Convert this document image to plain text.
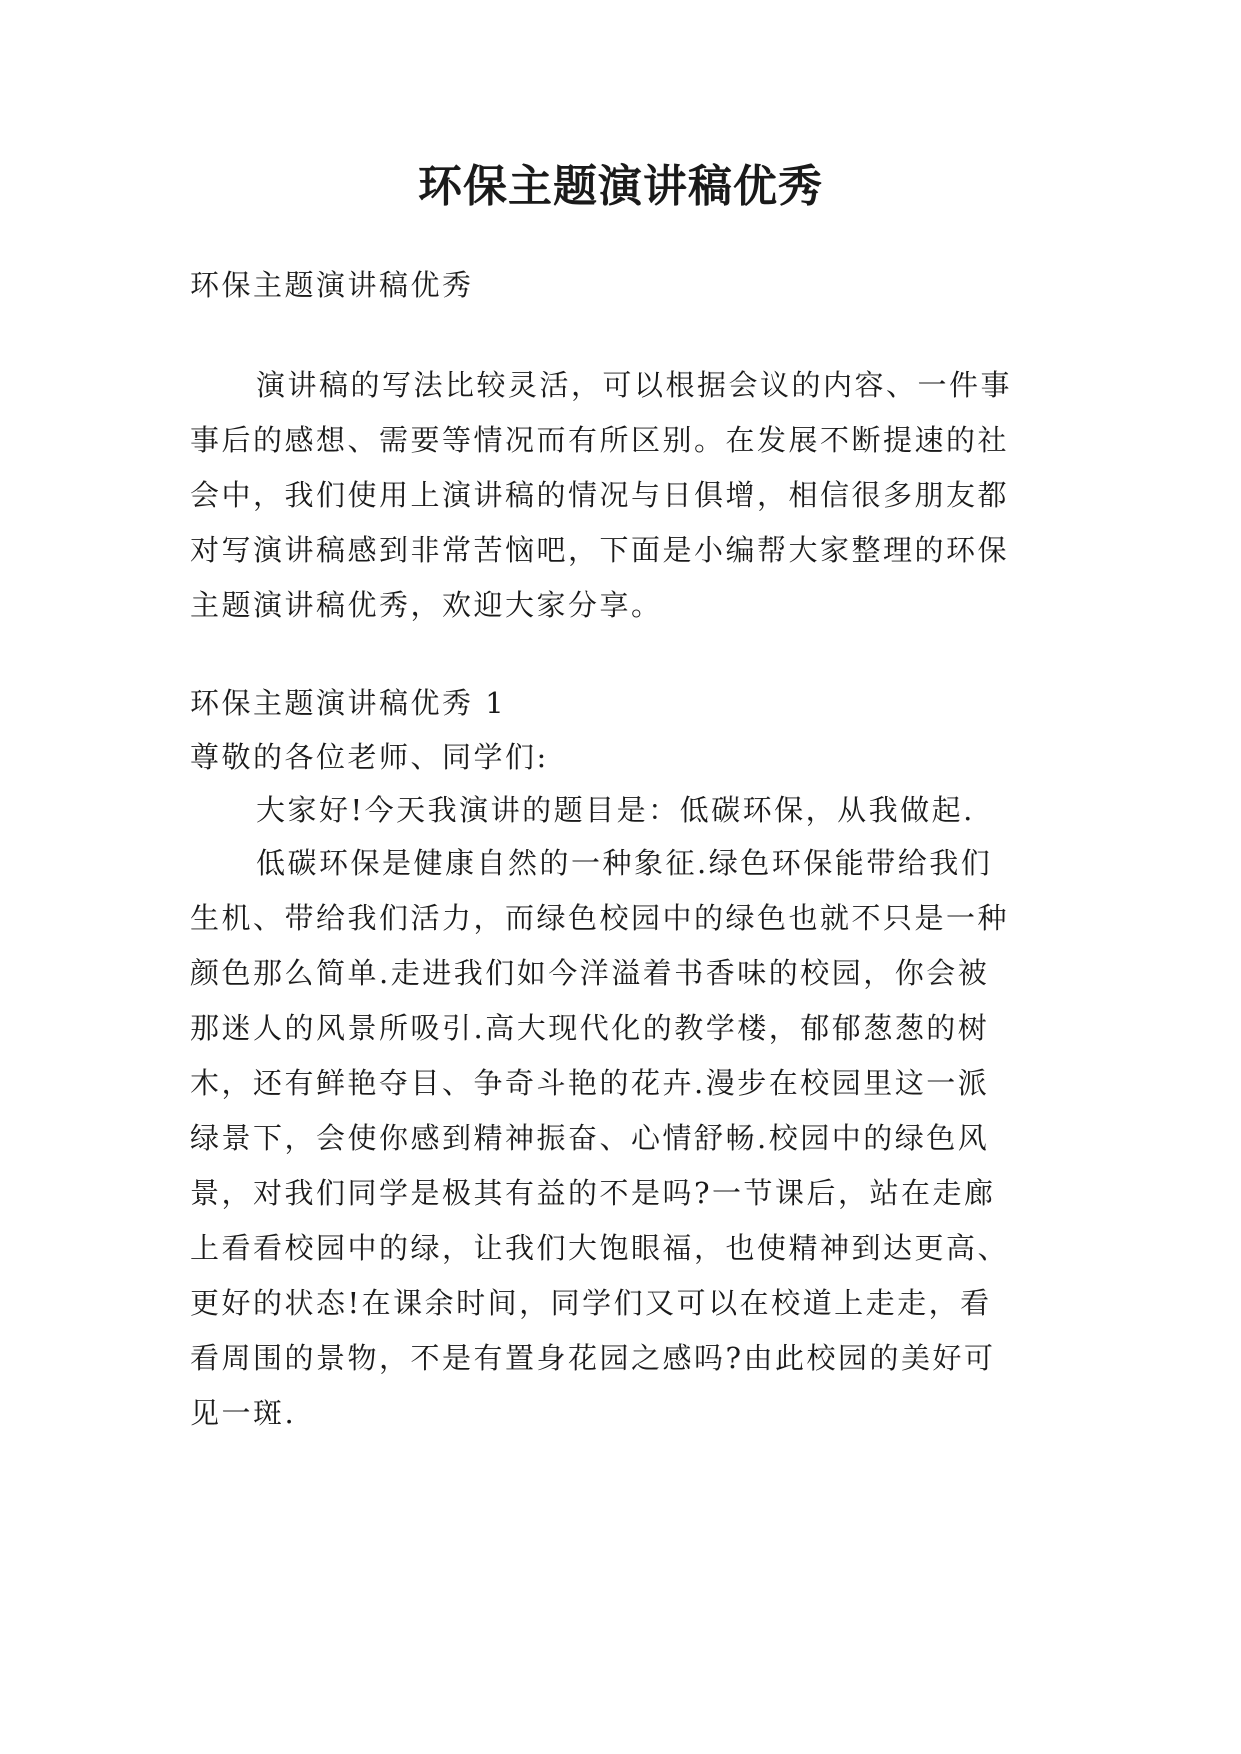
环保主题演讲稿优秀

环保主题演讲稿优秀

演讲稿的写法比较灵活，可以根据会议的内容、一件事

事后的感想、需要等情况而有所区别。在发展不断提速的社

会中，我们使用上演讲稿的情况与日俱增，相信很多朋友都

对写演讲稿感到非常苦恼吧，下面是小编帮大家整理的环保

主题演讲稿优秀，欢迎大家分享。

环保主题演讲稿优秀 1

尊敬的各位老师、同学们:

大家好!今天我演讲的题目是：低碳环保，从我做起.

低碳环保是健康自然的一种象征.绿色环保能带给我们

生机、带给我们活力，而绿色校园中的绿色也就不只是一种

颜色那么简单.走进我们如今洋溢着书香味的校园，你会被

那迷人的风景所吸引.高大现代化的教学楼，郁郁葱葱的树

木，还有鲜艳夺目、争奇斗艳的花卉.漫步在校园里这一派

绿景下，会使你感到精神振奋、心情舒畅.校园中的绿色风

景，对我们同学是极其有益的不是吗?一节课后，站在走廊

上看看校园中的绿，让我们大饱眼福，也使精神到达更高、

更好的状态!在课余时间，同学们又可以在校道上走走，看

看周围的景物，不是有置身花园之感吗?由此校园的美好可

见一斑.
